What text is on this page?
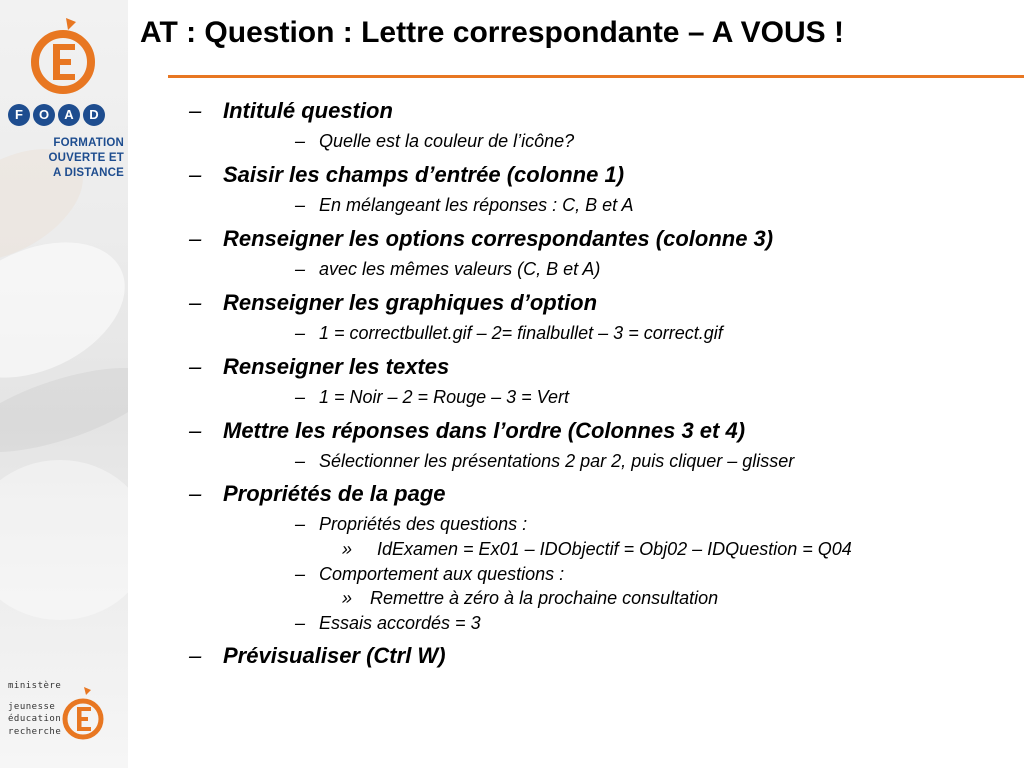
F O A D
FORMATION
OUVERTE ET
A DISTANCE
ministère
jeunesse
éducation
recherche
AT : Question : Lettre correspondante – A VOUS !
– Intitulé question
– Quelle est la couleur de l’icône?
– Saisir les champs d’entrée (colonne 1)
– En mélangeant les réponses : C, B et A
– Renseigner les options correspondantes (colonne 3)
– avec les mêmes valeurs (C, B et A)
– Renseigner les graphiques d’option
– 1 = correctbullet.gif – 2= finalbullet – 3 = correct.gif
– Renseigner les textes
– 1 = Noir – 2 = Rouge – 3 = Vert
– Mettre les réponses dans l’ordre (Colonnes 3 et 4)
– Sélectionner les présentations 2 par 2, puis cliquer – glisser
– Propriétés de la page
– Propriétés des questions :
» IdExamen = Ex01 – IDObjectif = Obj02 – IDQuestion = Q04
– Comportement aux questions :
» Remettre à zéro à la prochaine consultation
– Essais accordés = 3
– Prévisualiser (Ctrl W)
